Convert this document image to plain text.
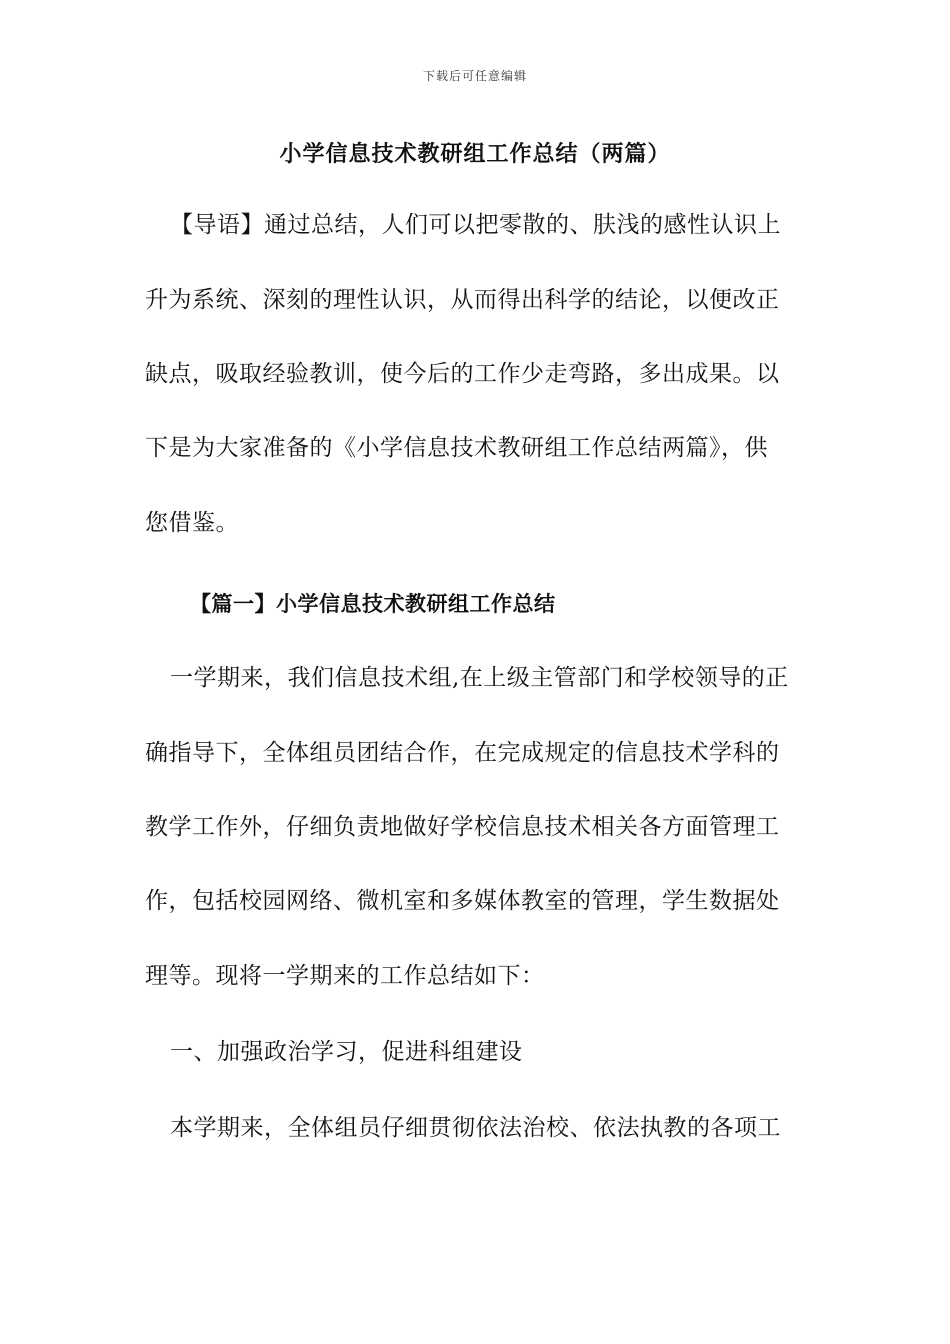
下载后可任意编辑
小学信息技术教研组工作总结（两篇）
【导语】通过总结，人们可以把零散的、肤浅的感性认识上
升为系统、深刻的理性认识，从而得出科学的结论，以便改正
缺点，吸取经验教训，使今后的工作少走弯路，多出成果。以
下是为大家准备的《小学信息技术教研组工作总结两篇》，供
您借鉴。
【篇一】小学信息技术教研组工作总结
一学期来，我们信息技术组,在上级主管部门和学校领导的正
确指导下，全体组员团结合作，在完成规定的信息技术学科的
教学工作外，仔细负责地做好学校信息技术相关各方面管理工
作，包括校园网络、微机室和多媒体教室的管理，学生数据处
理等。现将一学期来的工作总结如下：
一、加强政治学习，促进科组建设
本学期来，全体组员仔细贯彻依法治校、依法执教的各项工
